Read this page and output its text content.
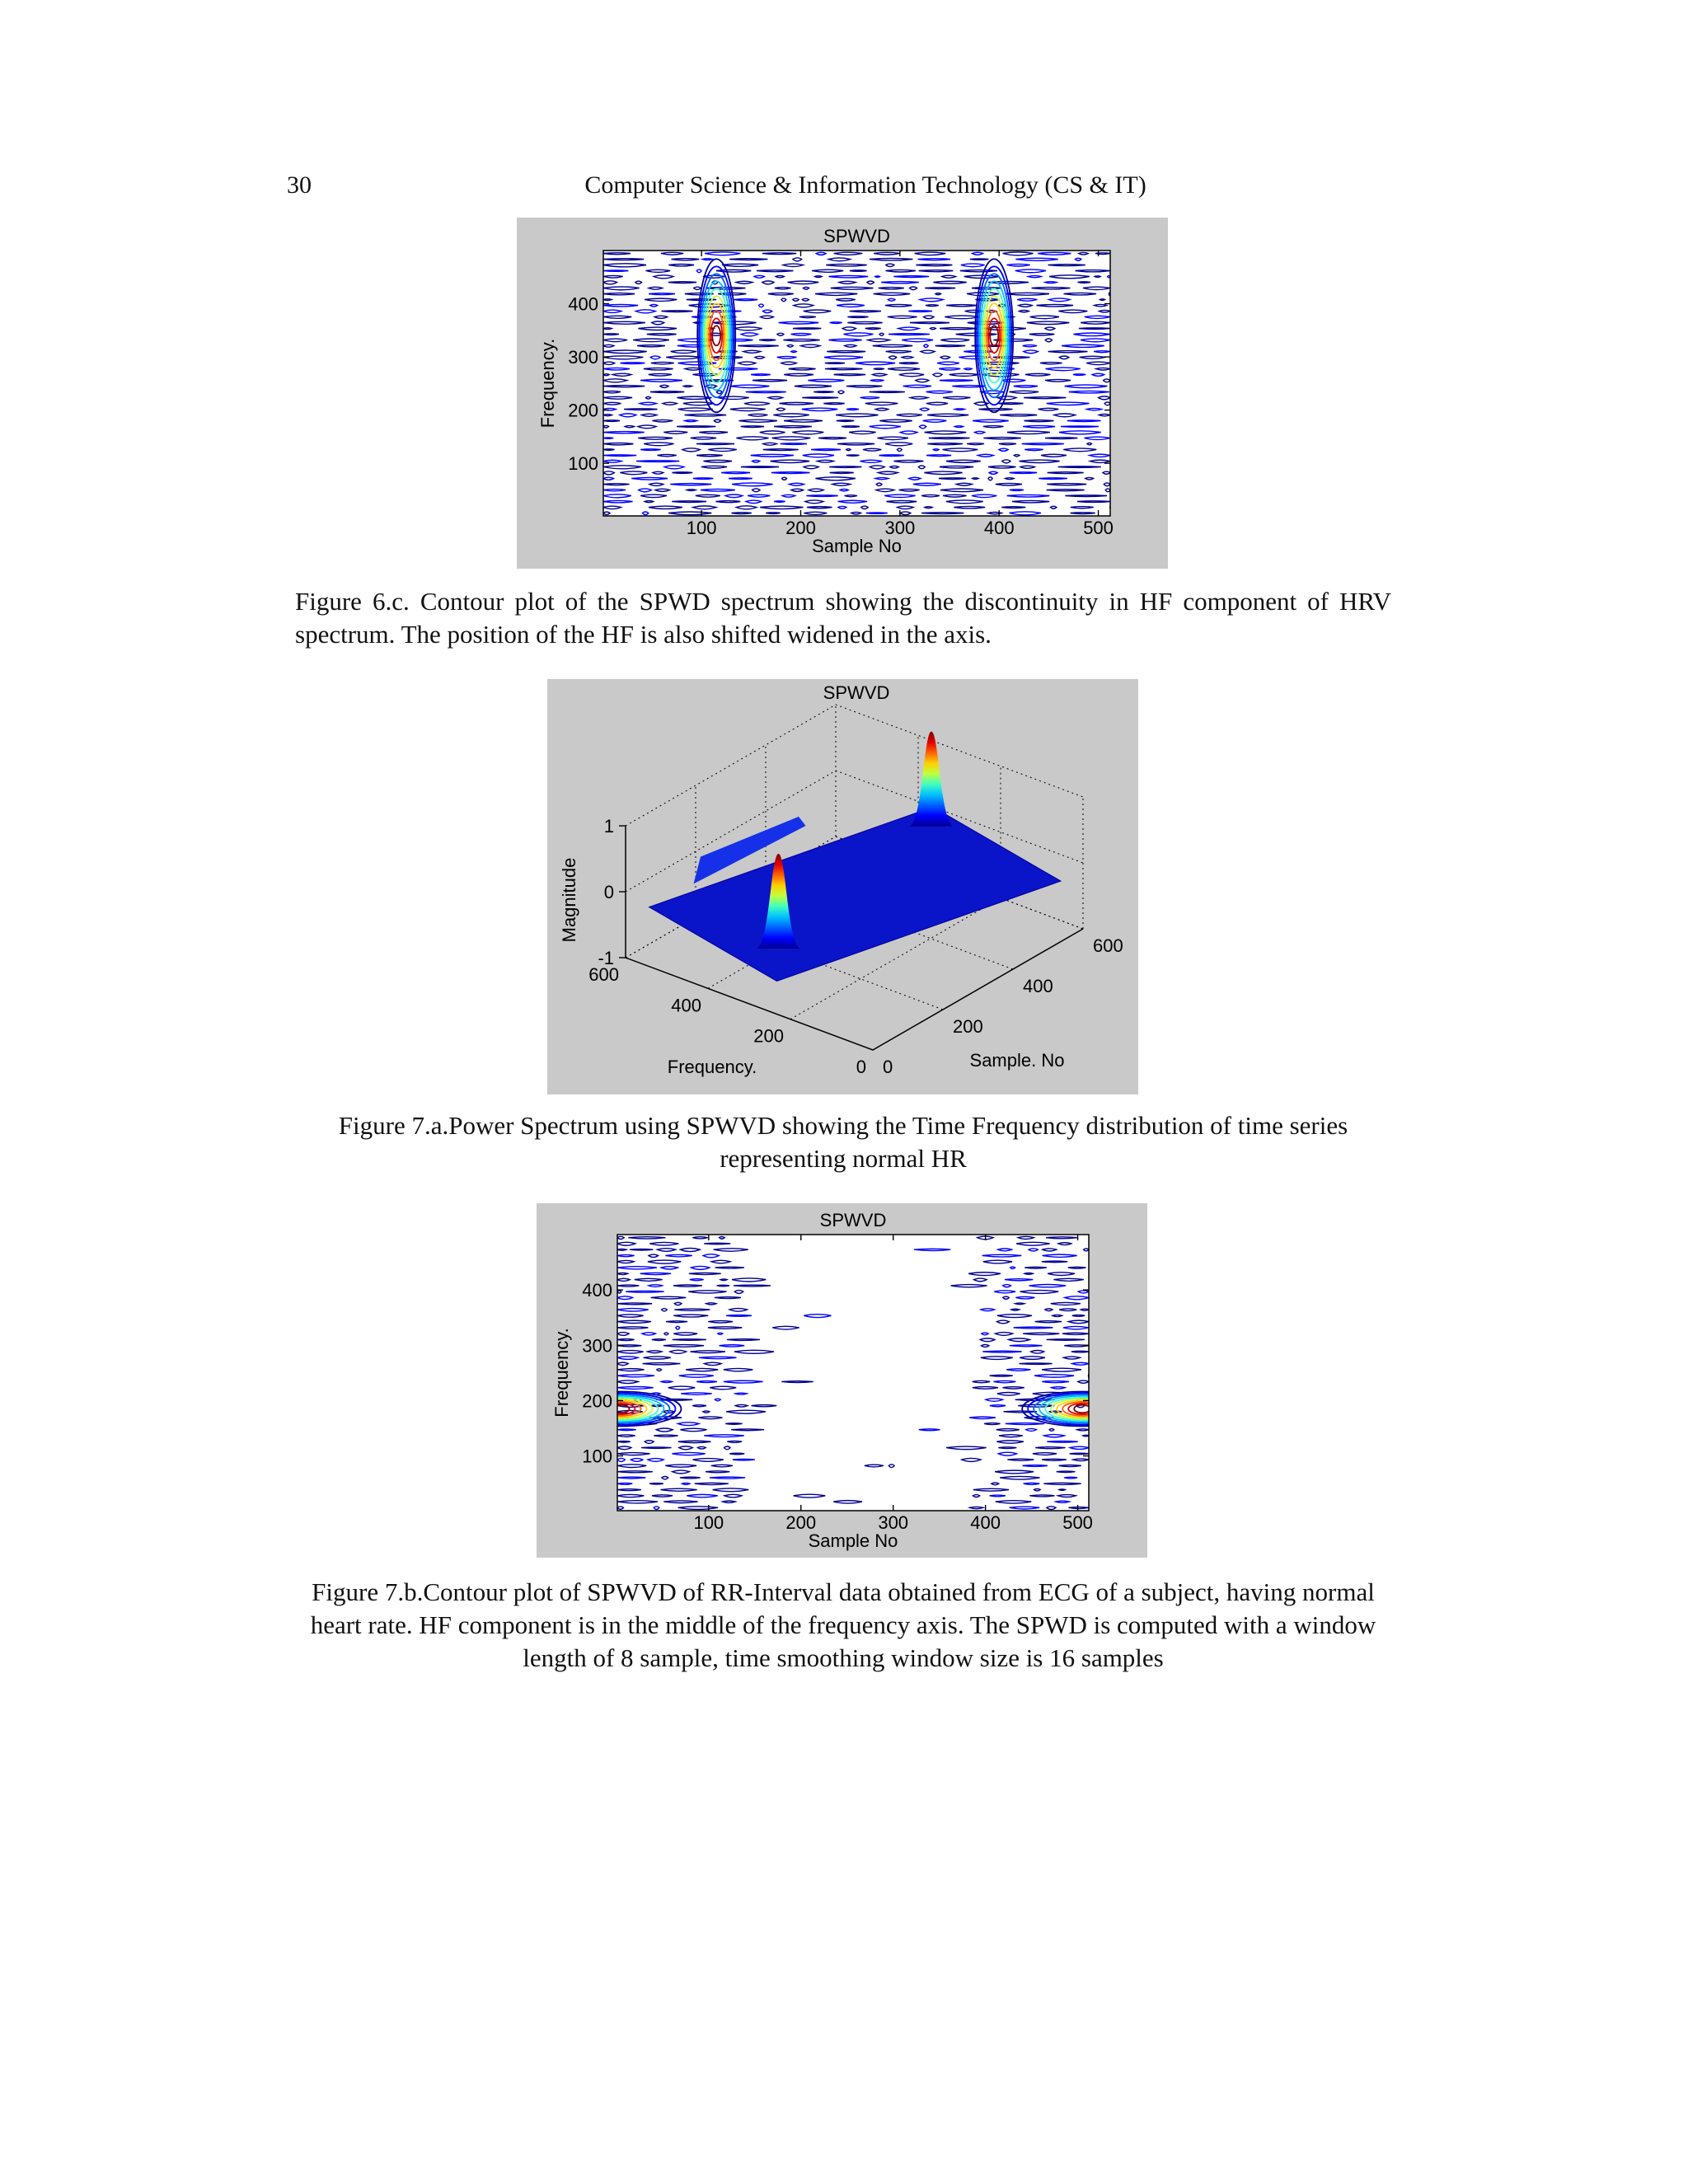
30	Computer Science & Information Technology (CS & IT)
100	200	300	400	500
100
200
300
400
SPWVD
Sample No
Frequency.
Figure 6.c. Contour plot of the SPWD spectrum showing the discontinuity in HF component of HRV spectrum. The position of the HF is also shifted widened in the axis.
-1
0
1
0
200
400
600
0
200
400
600
SPWVD
Frequency.	Sample. No
Magnitude
Figure 7.a.Power Spectrum using SPWVD showing the Time Frequency distribution of time series representing normal HR
100	200	300	400	500
100
200
300
400
SPWVD
Sample No
Frequency.
Figure 7.b.Contour plot of SPWVD of RR-Interval data obtained from ECG of a subject, having normal heart rate. HF component is in the middle of the frequency axis. The SPWD is computed with a window length of 8 sample, time smoothing window size is 16 samples
